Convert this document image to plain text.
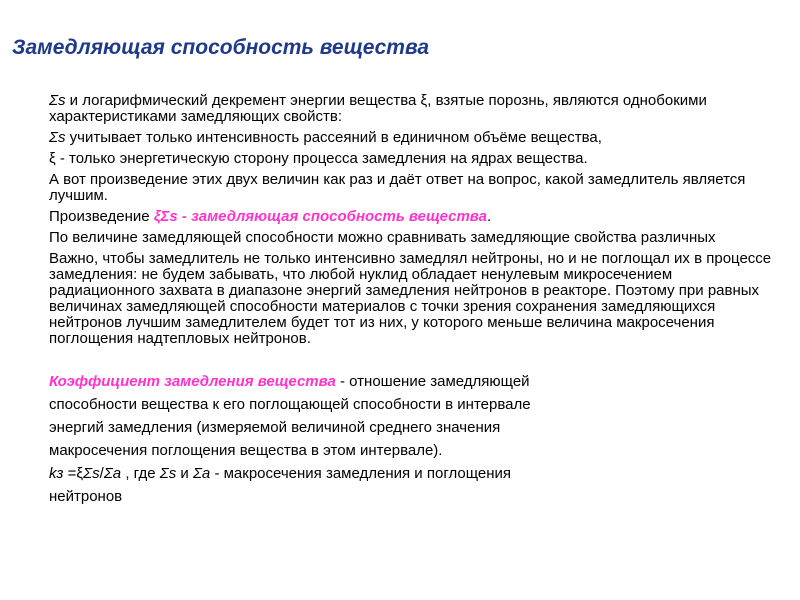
Замедляющая способность вещества

Σs и логарифмический декремент энергии вещества ξ, взятые порознь, являются однобокими характеристиками замедляющих свойств:

Σs учитывает только интенсивность рассеяний в единичном объёме вещества,

ξ - только энергетическую сторону процесса замедления на ядрах вещества.

А вот произведение этих двух величин как раз и даёт ответ на вопрос, какой замедлитель является лучшим.

Произведение ξΣs - замедляющая способность вещества.

По величине замедляющей способности можно сравнивать замедляющие свойства различных

Важно, чтобы замедлитель не только интенсивно замедлял нейтроны, но и не поглощал их в процессе замедления: не будем забывать, что любой нуклид обладает ненулевым микросечением радиационного захвата в диапазоне энергий замедления нейтронов в реакторе. Поэтому при равных величинах замедляющей способности материалов с точки зрения сохранения замедляющихся нейтронов лучшим замедлителем будет тот из них, у которого меньше величина макросечения поглощения надтепловых нейтронов.

Коэффициент замедления вещества - отношение замедляющей
способности вещества к его поглощающей способности в интервале
энергий замедления (измеряемой величиной среднего значения
макросечения поглощения вещества в этом интервале).
kз =ξΣs/Σa , где Σs и Σa - макросечения замедления и поглощения
нейтронов
